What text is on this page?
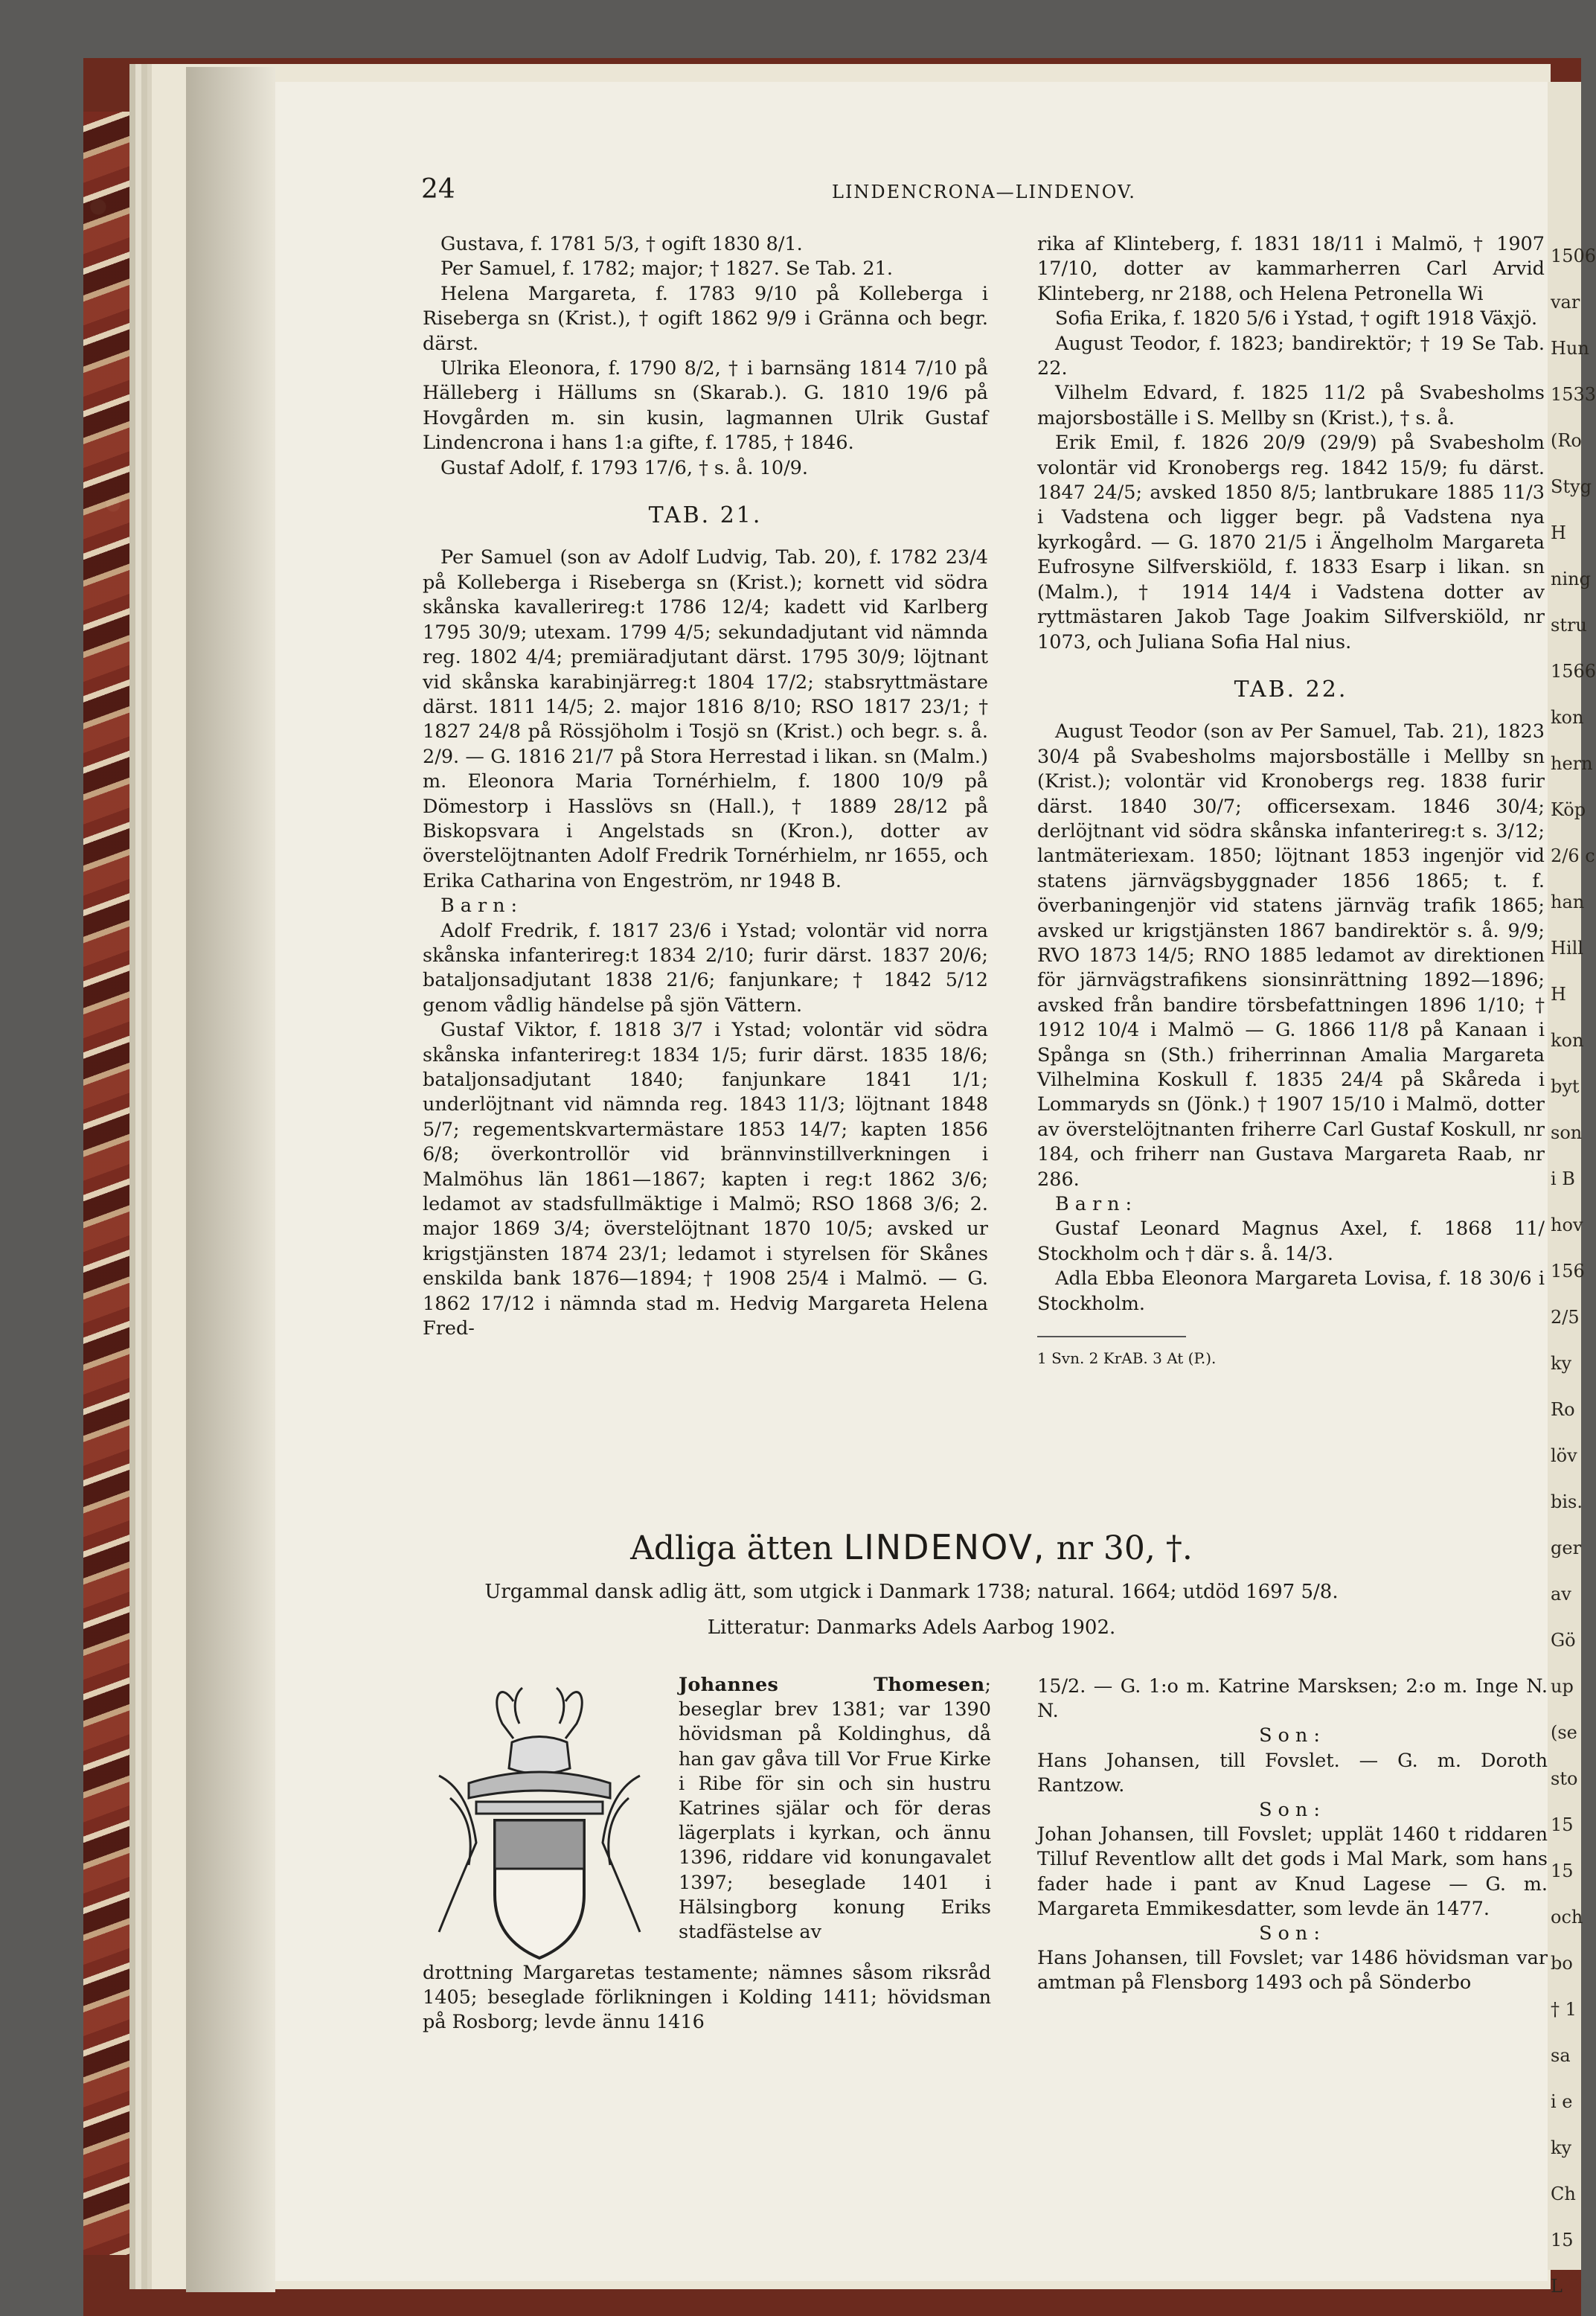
24	LINDENCRONA—LINDENOV.

Gustava, f. 1781 5/3, † ogift 1830 8/1.

Per Samuel, f. 1782; major; † 1827. Se Tab. 21.

Helena Margareta, f. 1783 9/10 på Kolleberga i Riseberga sn (Krist.), † ogift 1862 9/9 i Gränna och begr. därst.

Ulrika Eleonora, f. 1790 8/2, † i barnsäng 1814 7/10 på Hälleberg i Hällums sn (Skarab.). G. 1810 19/6 på Hovgården m. sin kusin, lagmannen Ulrik Gustaf Lindencrona i hans 1:a gifte, f. 1785, † 1846.

Gustaf Adolf, f. 1793 17/6, † s. å. 10/9.

TAB. 21.

Per Samuel (son av Adolf Ludvig, Tab. 20), f. 1782 23/4 på Kolleberga i Riseberga sn (Krist.); kornett vid södra skånska kavallerireg:t 1786 12/4; kadett vid Karlberg 1795 30/9; utexam. 1799 4/5; sekundadjutant vid nämnda reg. 1802 4/4; premiäradjutant därst. 1795 30/9; löjtnant vid skånska karabinjärreg:t 1804 17/2; stabsryttmästare därst. 1811 14/5; 2. major 1816 8/10; RSO 1817 23/1; † 1827 24/8 på Rössjöholm i Tosjö sn (Krist.) och begr. s. å. 2/9. — G. 1816 21/7 på Stora Herrestad i likan. sn (Malm.) m. Eleonora Maria Tornérhielm, f. 1800 10/9 på Dömestorp i Hasslövs sn (Hall.), † 1889 28/12 på Biskopsvara i Angelstads sn (Kron.), dotter av överstelöjtnanten Adolf Fredrik Tornérhielm, nr 1655, och Erika Catharina von Engeström, nr 1948 B.

Barn:

Adolf Fredrik, f. 1817 23/6 i Ystad; volontär vid norra skånska infanterireg:t 1834 2/10; furir därst. 1837 20/6; bataljonsadjutant 1838 21/6; fanjunkare; † 1842 5/12 genom vådlig händelse på sjön Vättern.

Gustaf Viktor, f. 1818 3/7 i Ystad; volontär vid södra skånska infanterireg:t 1834 1/5; furir därst. 1835 18/6; bataljonsadjutant 1840; fanjunkare 1841 1/1; underlöjtnant vid nämnda reg. 1843 11/3; löjtnant 1848 5/7; regementskvartermästare 1853 14/7; kapten 1856 6/8; överkontrollör vid brännvinstillverkningen i Malmöhus län 1861—1867; kapten i reg:t 1862 3/6; ledamot av stadsfullmäktige i Malmö; RSO 1868 3/6; 2. major 1869 3/4; överstelöjtnant 1870 10/5; avsked ur krigstjänsten 1874 23/1; ledamot i styrelsen för Skånes enskilda bank 1876—1894; † 1908 25/4 i Malmö. — G. 1862 17/12 i nämnda stad m. Hedvig Margareta Helena Fred-

rika af Klinteberg, f. 1831 18/11 i Malmö, † 1907 17/10, dotter av kammarherren Carl Arvid Klinteberg, nr 2188, och Helena Petronella Wi

Sofia Erika, f. 1820 5/6 i Ystad, † ogift 1918 Växjö.

August Teodor, f. 1823; bandirektör; † 19 Se Tab. 22.

Vilhelm Edvard, f. 1825 11/2 på Svabesholms majorsboställe i S. Mellby sn (Krist.), † s. å.

Erik Emil, f. 1826 20/9 (29/9) på Svabesholm volontär vid Kronobergs reg. 1842 15/9; fu därst. 1847 24/5; avsked 1850 8/5; lantbrukare 1885 11/3 i Vadstena och ligger begr. på Vadstena nya kyrkogård. — G. 1870 21/5 i Ängelholm Margareta Eufrosyne Silfverskiöld, f. 1833 Esarp i likan. sn (Malm.), † 1914 14/4 i Vadstena dotter av ryttmästaren Jakob Tage Joakim Silfverskiöld, nr 1073, och Juliana Sofia Hal nius.

TAB. 22.

August Teodor (son av Per Samuel, Tab. 21), 1823 30/4 på Svabesholms majorsboställe i Mellby sn (Krist.); volontär vid Kronobergs reg. 1838 furir därst. 1840 30/7; officersexam. 1846 30/4; derlöjtnant vid södra skånska infanterireg:t s. 3/12; lantmäteriexam. 1850; löjtnant 1853 ingenjör vid statens järnvägsbyggnader 1856 1865; t. f. överbaningenjör vid statens järnväg trafik 1865; avsked ur krigstjänsten 1867 bandirektör s. å. 9/9; RVO 1873 14/5; RNO 1885 ledamot av direktionen för järnvägstrafikens sionsinrättning 1892—1896; avsked från bandire törsbefattningen 1896 1/10; † 1912 10/4 i Malmö — G. 1866 11/8 på Kanaan i Spånga sn (Sth.) friherrinnan Amalia Margareta Vilhelmina Koskull f. 1835 24/4 på Skåreda i Lommaryds sn (Jönk.) † 1907 15/10 i Malmö, dotter av överstelöjtnanten friherre Carl Gustaf Koskull, nr 184, och friherr nan Gustava Margareta Raab, nr 286.

Barn:

Gustaf Leonard Magnus Axel, f. 1868 11/ Stockholm och † där s. å. 14/3.

Adla Ebba Eleonora Margareta Lovisa, f. 18 30/6 i Stockholm.

1 Svn. 2 KrAB. 3 At (P.).
Adliga ätten LINDENOV, nr 30, †.
Urgammal dansk adlig ätt, som utgick i Danmark 1738; natural. 1664; utdöd 1697 5/8.
Litteratur: Danmarks Adels Aarbog 1902.

Johannes Thomesen; beseglar brev 1381; var 1390 hövidsman på Koldinghus, då han gav gåva till Vor Frue Kirke i Ribe för sin och sin hustru Katrines själar och för deras lägerplats i kyrkan, och ännu 1396, riddare vid konungavalet 1397; beseglade 1401 i Hälsingborg konung Eriks stadfästelse av

drottning Margaretas testamente; nämnes såsom riksråd 1405; beseglade förlikningen i Kolding 1411; hövidsman på Rosborg; levde ännu 1416

15/2. — G. 1:o m. Katrine Marsksen; 2:o m. Inge N. N.

Son:

Hans Johansen, till Fovslet. — G. m. Doroth Rantzow.

Son:

Johan Johansen, till Fovslet; upplät 1460 t riddaren Tilluf Reventlow allt det gods i Mal Mark, som hans fader hade i pant av Knud Lagese — G. m. Margareta Emmikesdatter, som levde än 1477.

Son:

Hans Johansen, till Fovslet; var 1486 hövidsman var amtman på Flensborg 1493 och på Sönderbo

1506
var
Hun
1533
(Ro
Styg
H
ning
stru
1566
kon
hern
Köp
2/6 c
han
Hill
H
kon
byt
son
i B
hov
156
2/5
ky
Ro
löv
bis.
ger
av
Gö
up
(se
sto
15
15
och
bo
† 1
sa
i e
ky
Ch
15
L
